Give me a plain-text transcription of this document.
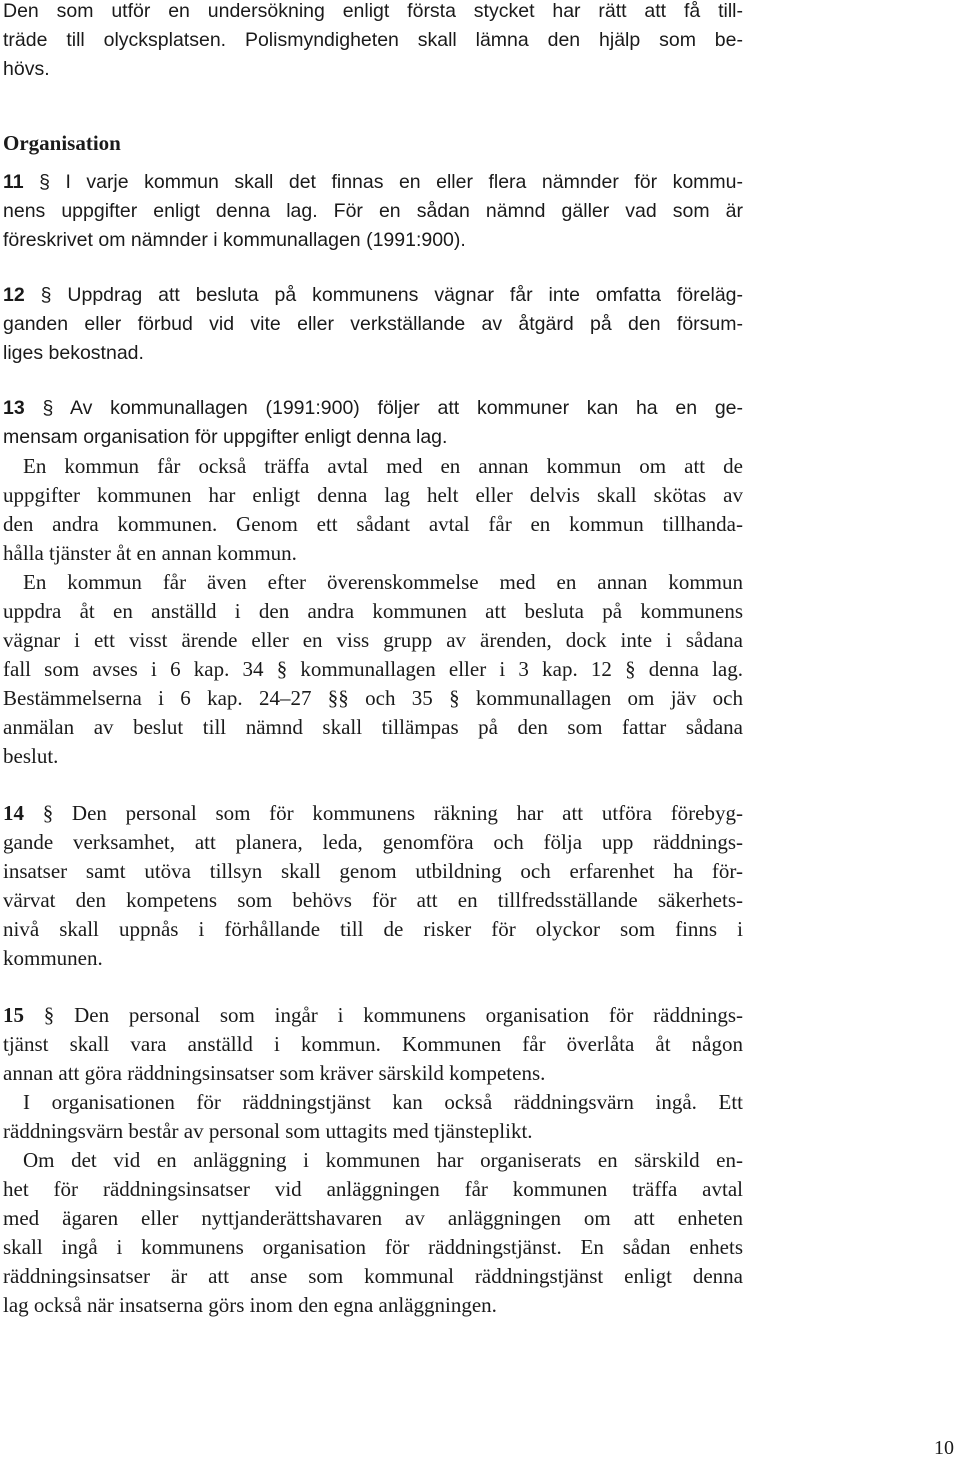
Den som utför en undersökning enligt första stycket har rätt att få till-
träde till olycksplatsen. Polismyndigheten skall lämna den hjälp som be-
hövs.
Organisation
11 § I varje kommun skall det finnas en eller flera nämnder för kommu-
nens uppgifter enligt denna lag. För en sådan nämnd gäller vad som är
föreskrivet om nämnder i kommunallagen (1991:900).
12 § Uppdrag att besluta på kommunens vägnar får inte omfatta föreläg-
ganden eller förbud vid vite eller verkställande av åtgärd på den försum-
liges bekostnad.
13 § Av kommunallagen (1991:900) följer att kommuner kan ha en ge-
mensam organisation för uppgifter enligt denna lag.
En kommun får också träffa avtal med en annan kommun om att de
uppgifter kommunen har enligt denna lag helt eller delvis skall skötas av
den andra kommunen. Genom ett sådant avtal får en kommun tillhanda-
hålla tjänster åt en annan kommun.
En kommun får även efter överenskommelse med en annan kommun
uppdra åt en anställd i den andra kommunen att besluta på kommunens
vägnar i ett visst ärende eller en viss grupp av ärenden, dock inte i sådana
fall som avses i 6 kap. 34 § kommunallagen eller i 3 kap. 12 § denna lag.
Bestämmelserna i 6 kap. 24–27 §§ och 35 § kommunallagen om jäv och
anmälan av beslut till nämnd skall tillämpas på den som fattar sådana
beslut.
14 § Den personal som för kommunens räkning har att utföra förebyg-
gande verksamhet, att planera, leda, genomföra och följa upp räddnings-
insatser samt utöva tillsyn skall genom utbildning och erfarenhet ha för-
värvat den kompetens som behövs för att en tillfredsställande säkerhets-
nivå skall uppnås i förhållande till de risker för olyckor som finns i
kommunen.
15 § Den personal som ingår i kommunens organisation för räddnings-
tjänst skall vara anställd i kommun. Kommunen får överlåta åt någon
annan att göra räddningsinsatser som kräver särskild kompetens.
I organisationen för räddningstjänst kan också räddningsvärn ingå. Ett
räddningsvärn består av personal som uttagits med tjänsteplikt.
Om det vid en anläggning i kommunen har organiserats en särskild en-
het för räddningsinsatser vid anläggningen får kommunen träffa avtal
med ägaren eller nyttjanderättshavaren av anläggningen om att enheten
skall ingå i kommunens organisation för räddningstjänst. En sådan enhets
räddningsinsatser är att anse som kommunal räddningstjänst enligt denna
lag också när insatserna görs inom den egna anläggningen.
10
